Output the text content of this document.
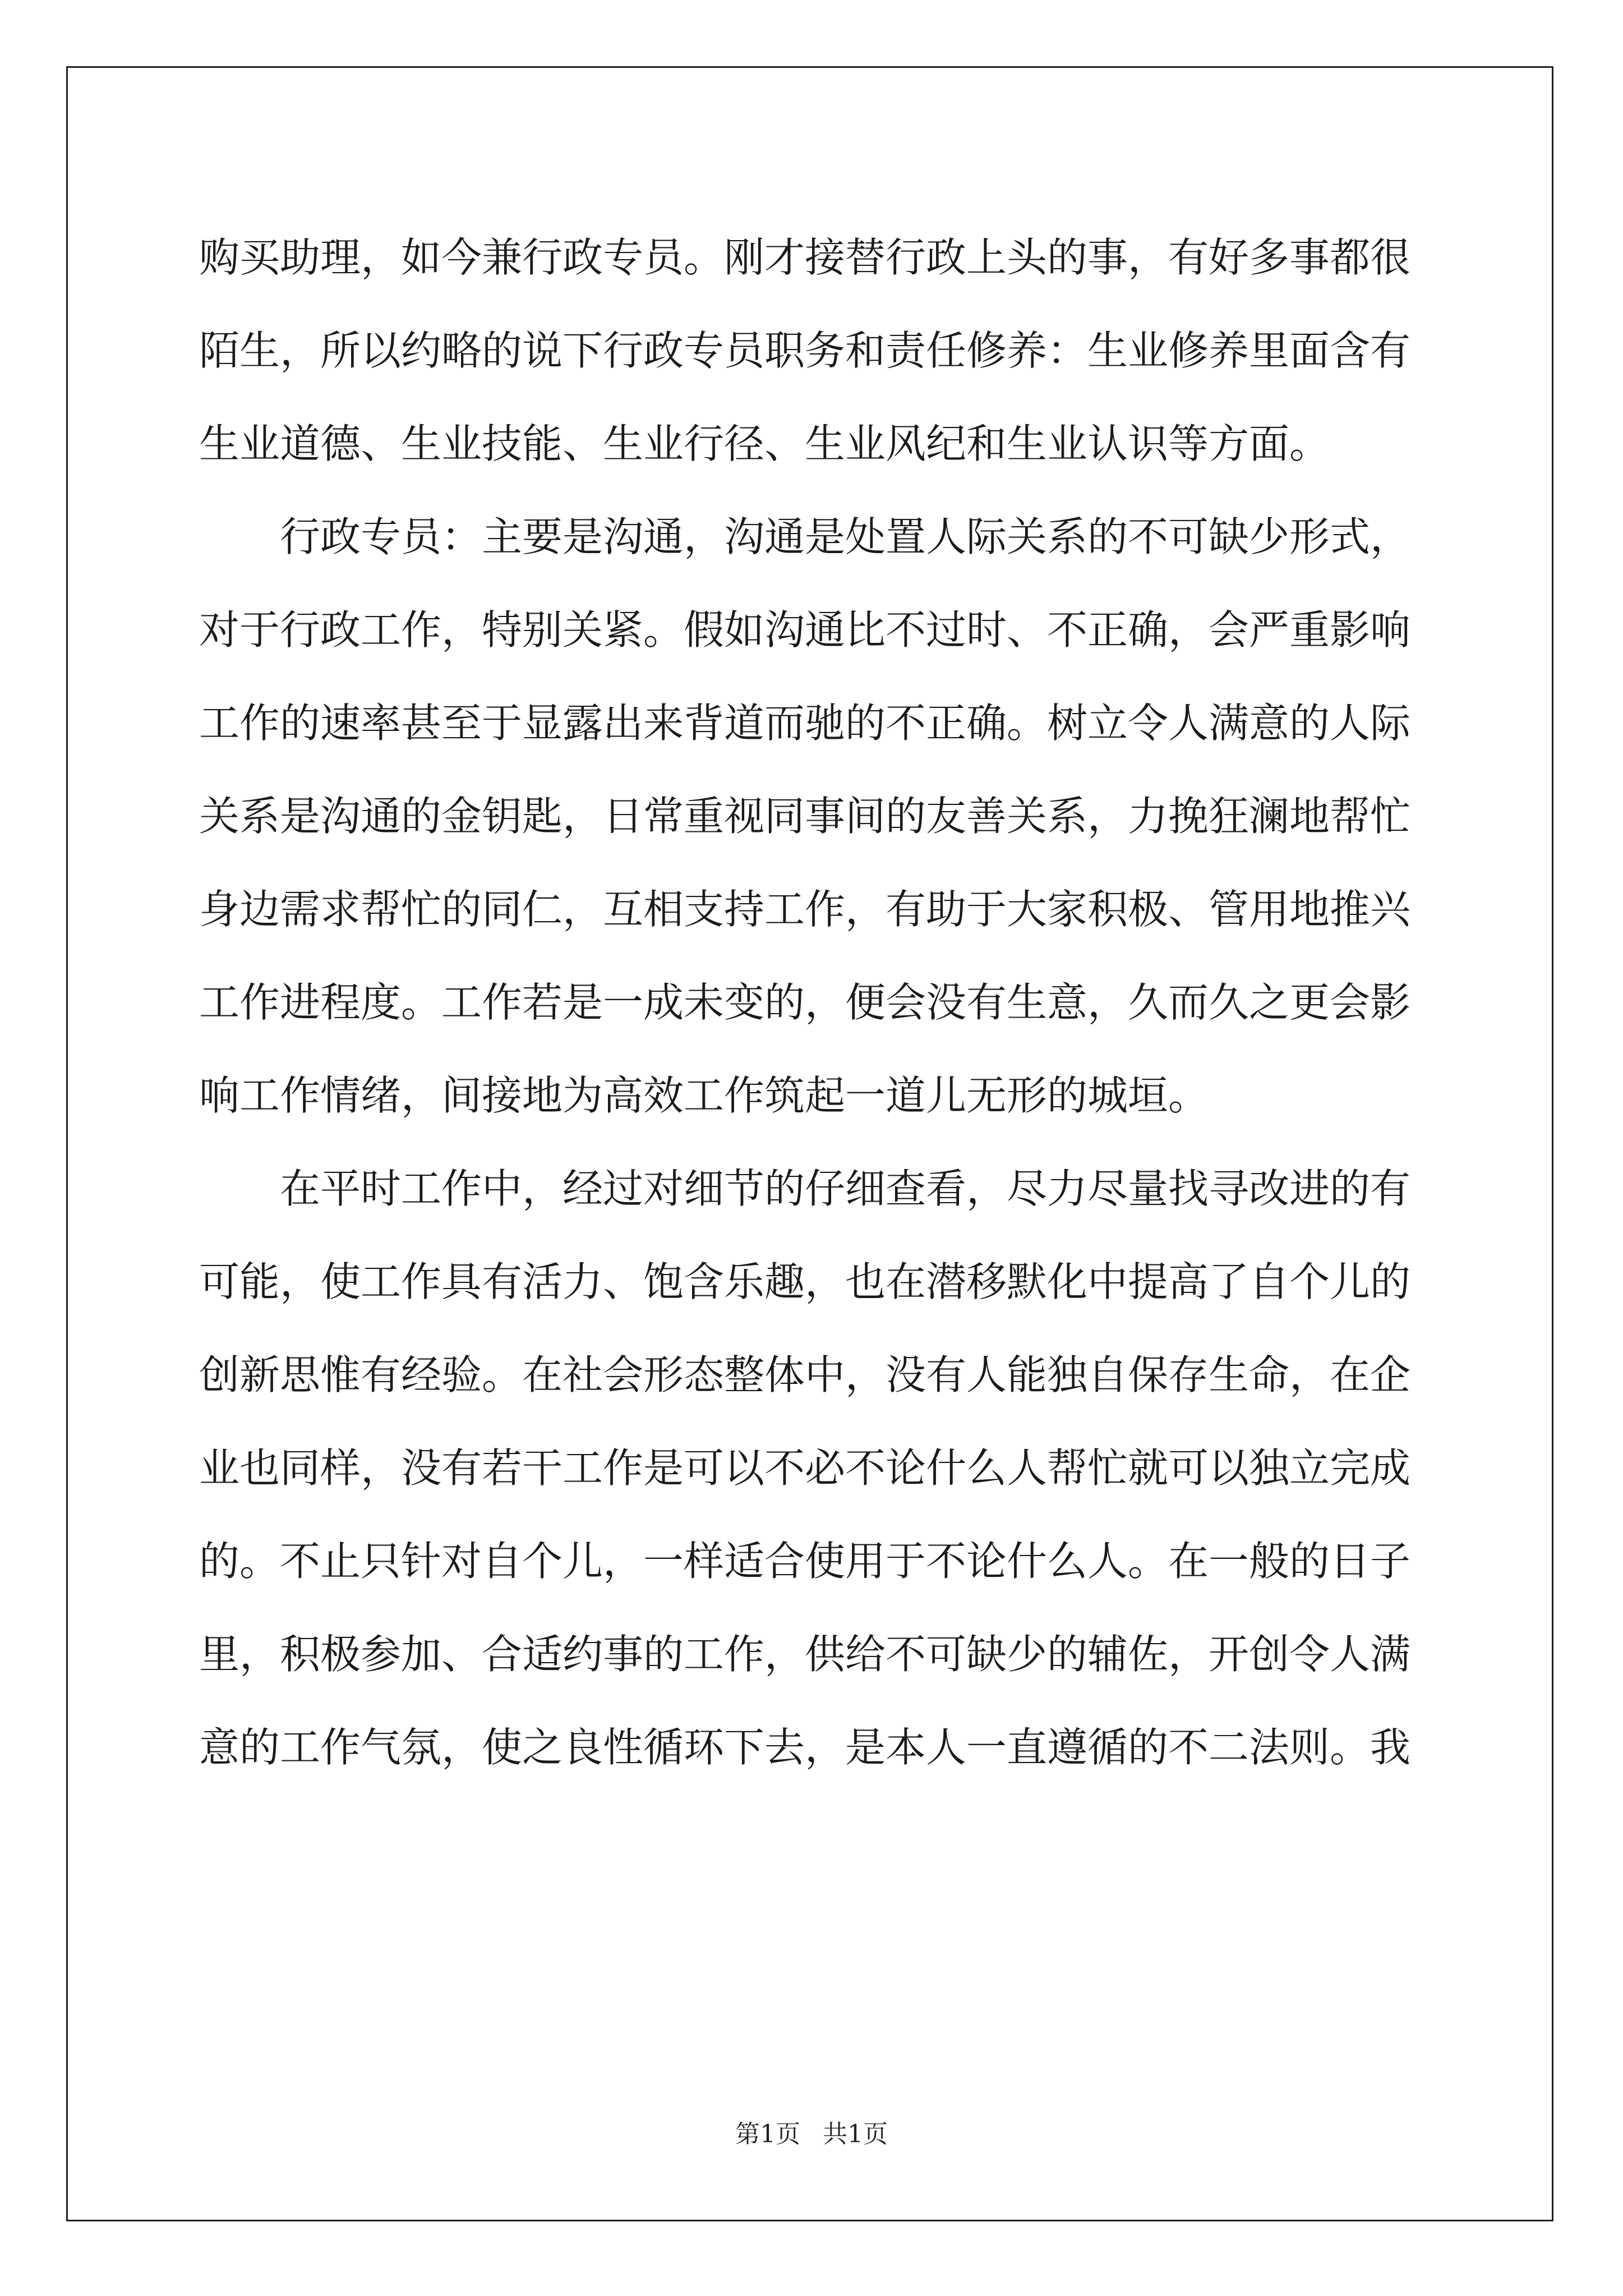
购买助理，如今兼行政专员。刚才接替行政上头的事，有好多事都很
陌生，所以约略的说下行政专员职务和责任修养：生业修养里面含有
生业道德、生业技能、生业行径、生业风纪和生业认识等方面。
　　行政专员：主要是沟通，沟通是处置人际关系的不可缺少形式，
对于行政工作，特别关紧。假如沟通比不过时、不正确，会严重影响
工作的速率甚至于显露出来背道而驰的不正确。树立令人满意的人际
关系是沟通的金钥匙，日常重视同事间的友善关系，力挽狂澜地帮忙
身边需求帮忙的同仁，互相支持工作，有助于大家积极、管用地推兴
工作进程度。工作若是一成未变的，便会没有生意，久而久之更会影
响工作情绪，间接地为高效工作筑起一道儿无形的城垣。
　　在平时工作中，经过对细节的仔细查看，尽力尽量找寻改进的有
可能，使工作具有活力、饱含乐趣，也在潜移默化中提高了自个儿的
创新思惟有经验。在社会形态整体中，没有人能独自保存生命，在企
业也同样，没有若干工作是可以不必不论什么人帮忙就可以独立完成
的。不止只针对自个儿，一样适合使用于不论什么人。在一般的日子
里，积极参加、合适约事的工作，供给不可缺少的辅佐，开创令人满
意的工作气氛，使之良性循环下去，是本人一直遵循的不二法则。我
第1页 共1页
